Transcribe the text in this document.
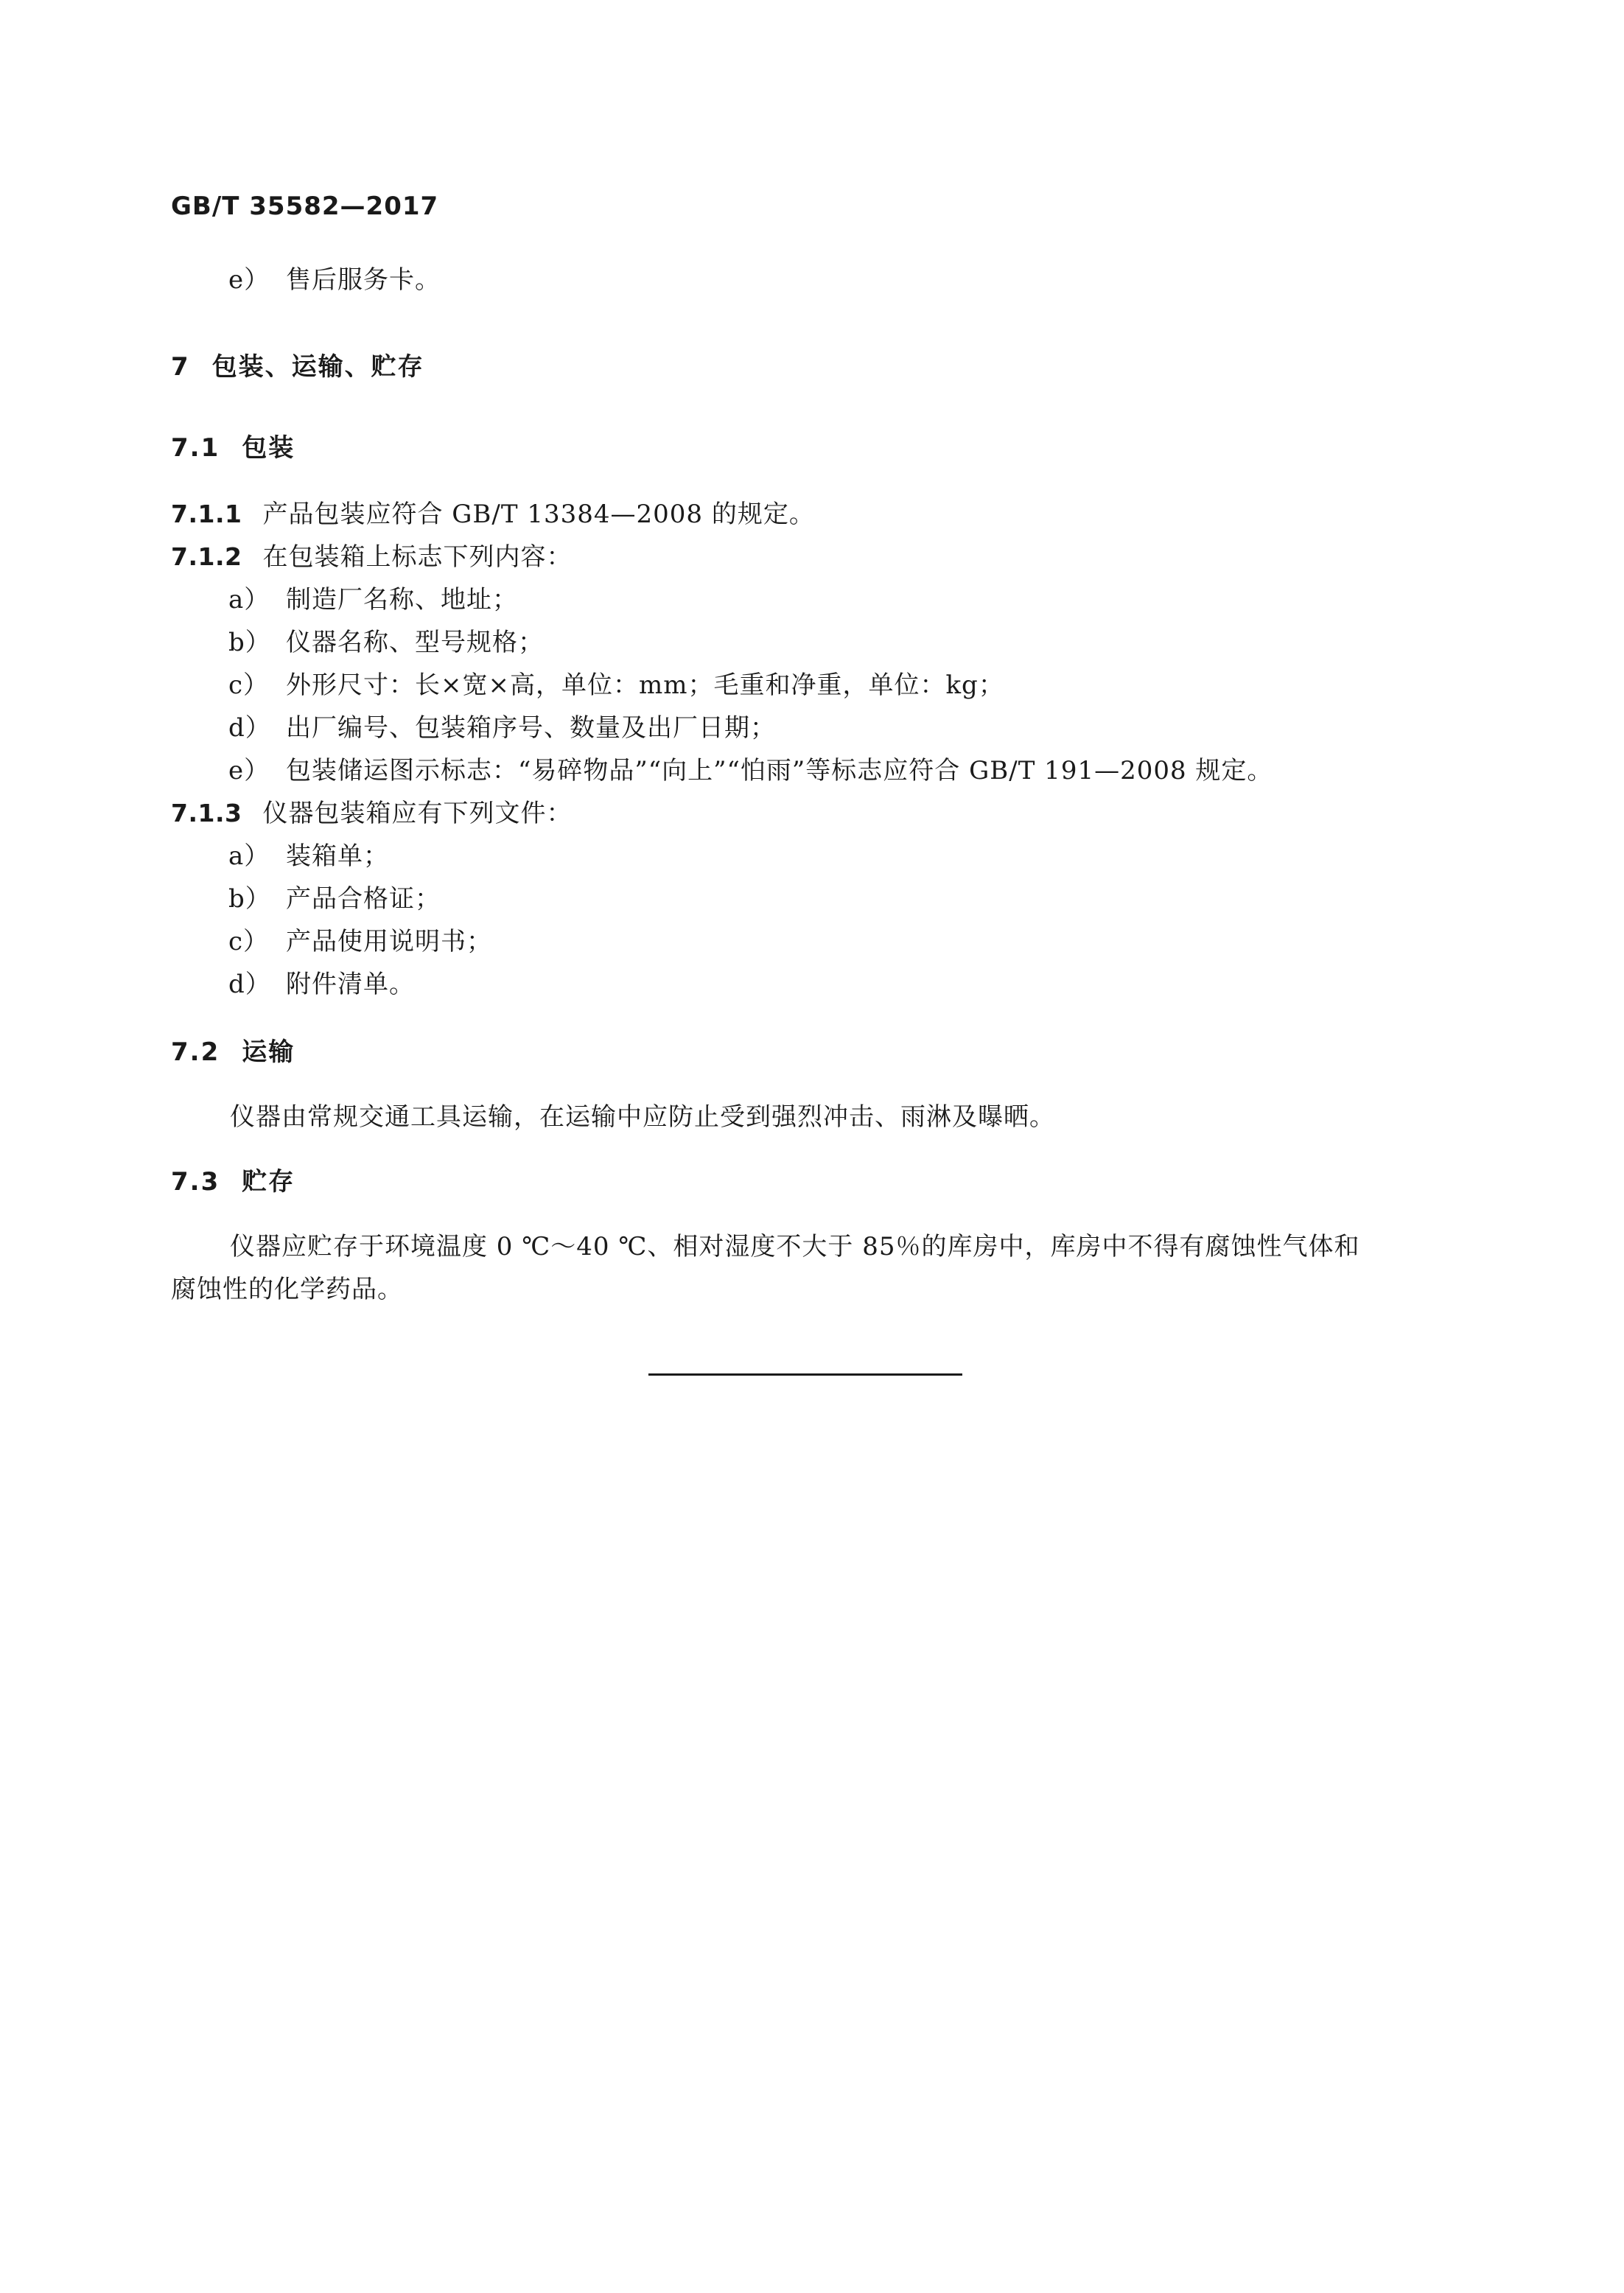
GB/T 35582—2017
e） 售后服务卡。
7 包装、运输、贮存
7.1 包装
7.1.1 产品包装应符合 GB/T 13384—2008 的规定。
7.1.2 在包装箱上标志下列内容：
a） 制造厂名称、地址；
b） 仪器名称、型号规格；
c） 外形尺寸：长×宽×高，单位：mm；毛重和净重，单位：kg；
d） 出厂编号、包装箱序号、数量及出厂日期；
e） 包装储运图示标志：“易碎物品”“向上”“怕雨”等标志应符合 GB/T 191—2008 规定。
7.1.3 仪器包装箱应有下列文件：
a） 装箱单；
b） 产品合格证；
c） 产品使用说明书；
d） 附件清单。
7.2 运输
仪器由常规交通工具运输，在运输中应防止受到强烈冲击、雨淋及曝晒。
7.3 贮存
仪器应贮存于环境温度 0 ℃～40 ℃、相对湿度不大于 85％的库房中，库房中不得有腐蚀性气体和
腐蚀性的化学药品。
